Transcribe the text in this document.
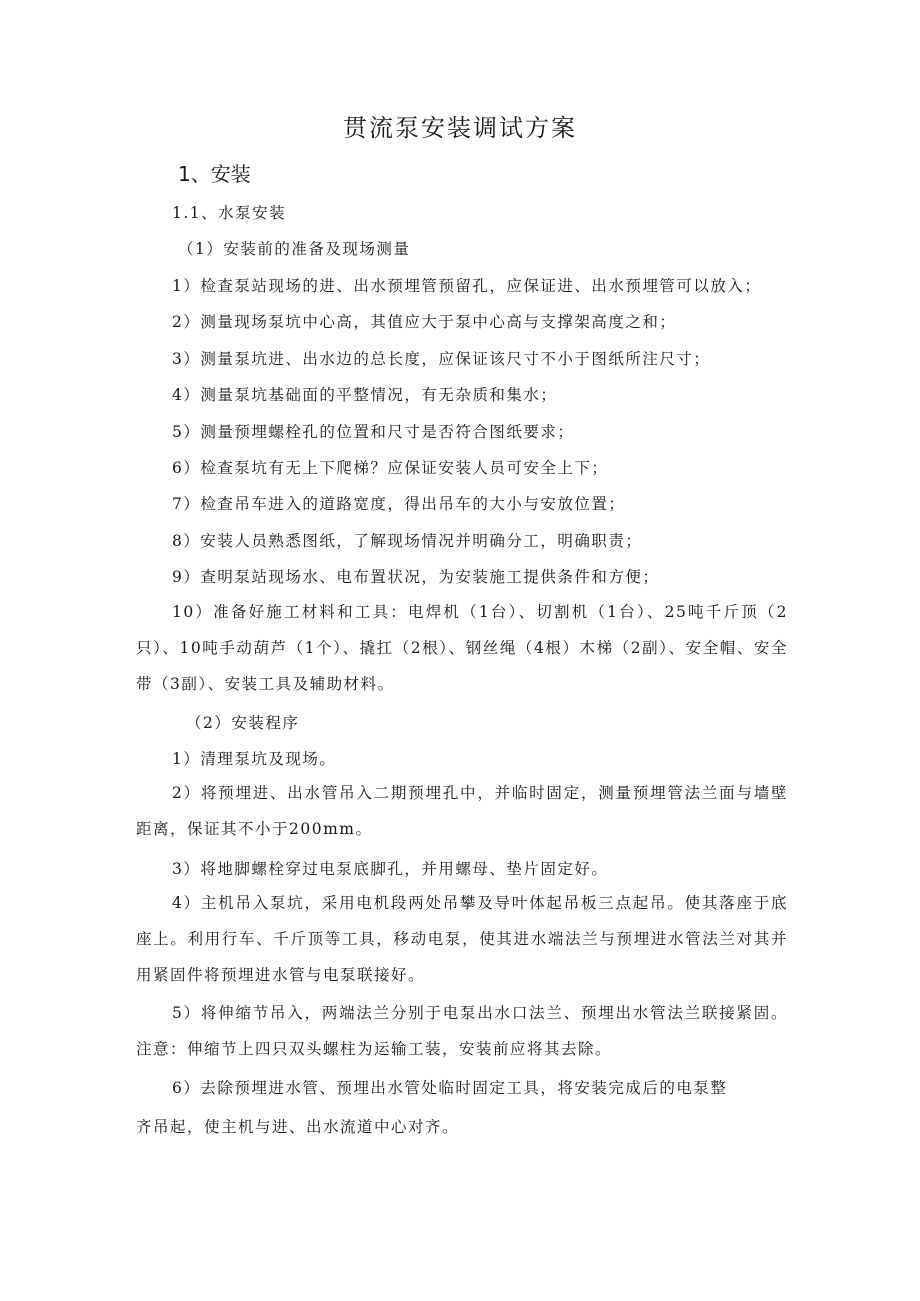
贯流泵安装调试方案
1、安装
1.1、水泵安装
（1）安装前的准备及现场测量
1）检查泵站现场的进、出水预埋管预留孔，应保证进、出水预埋管可以放入；
2）测量现场泵坑中心高，其值应大于泵中心高与支撑架高度之和；
3）测量泵坑进、出水边的总长度，应保证该尺寸不小于图纸所注尺寸；
4）测量泵坑基础面的平整情况，有无杂质和集水；
5）测量预埋螺栓孔的位置和尺寸是否符合图纸要求；
6）检查泵坑有无上下爬梯？应保证安装人员可安全上下；
7）检查吊车进入的道路宽度，得出吊车的大小与安放位置；
8）安装人员熟悉图纸，了解现场情况并明确分工，明确职责；
9）查明泵站现场水、电布置状况，为安装施工提供条件和方便；
10）准备好施工材料和工具：电焊机（1台）、切割机（1台）、25吨千斤顶（2只）、10吨手动葫芦（1个）、撬扛（2根）、钢丝绳（4根）木梯（2副）、安全帽、安全带（3副）、安装工具及辅助材料。
（2）安装程序
1）清理泵坑及现场。
2）将预埋进、出水管吊入二期预埋孔中，并临时固定，测量预埋管法兰面与墙壁距离，保证其不小于200mm。
3）将地脚螺栓穿过电泵底脚孔，并用螺母、垫片固定好。
4）主机吊入泵坑，采用电机段两处吊攀及导叶体起吊板三点起吊。使其落座于底座上。利用行车、千斤顶等工具，移动电泵，使其进水端法兰与预埋进水管法兰对其并用紧固件将预埋进水管与电泵联接好。
5）将伸缩节吊入，两端法兰分别于电泵出水口法兰、预埋出水管法兰联接紧固。注意：伸缩节上四只双头螺柱为运输工装，安装前应将其去除。
6）去除预埋进水管、预埋出水管处临时固定工具，将安装完成后的电泵整
齐吊起，使主机与进、出水流道中心对齐。
